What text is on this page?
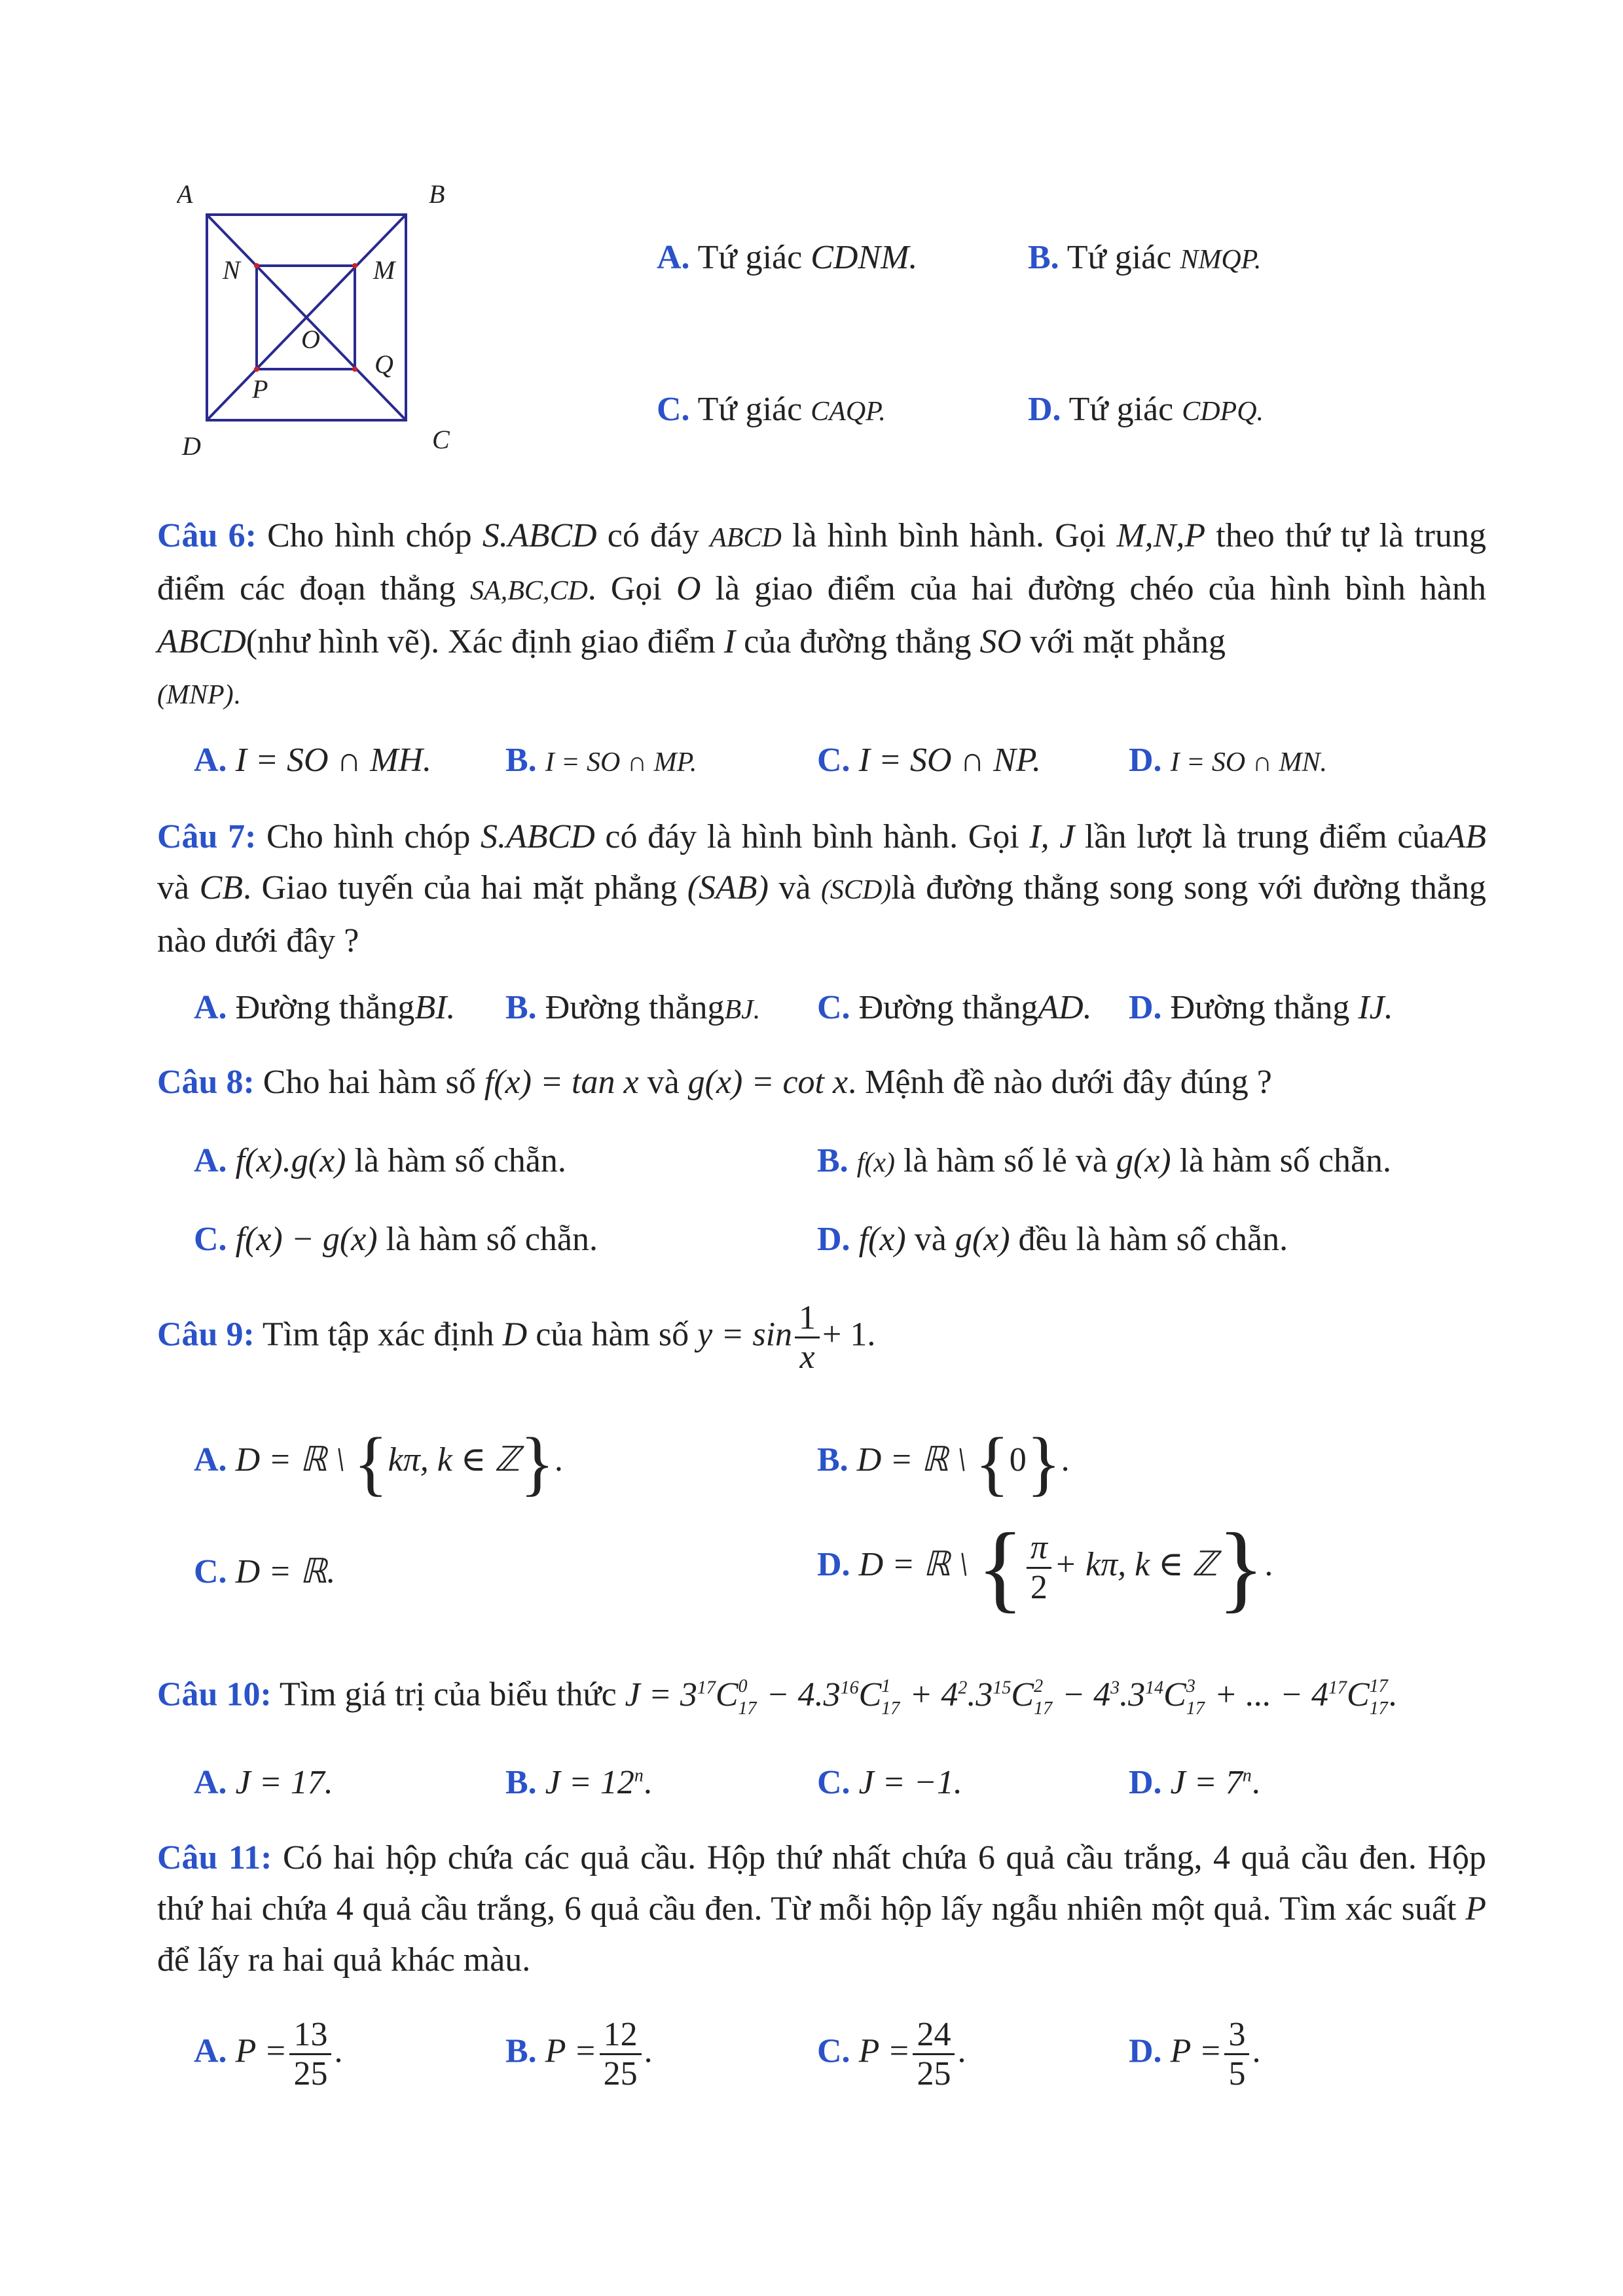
A	B
C
D
M
N
P
Q
O
A. Tứ giác CDNM.	B. Tứ giác NMQP.
C. Tứ giác CAQP.	D. Tứ giác CDPQ.
Câu 6: Cho hình chóp S.ABCD có đáy ABCD là hình bình hành. Gọi M,N,P theo thứ tự là trung điểm các đoạn thẳng SA,BC,CD. Gọi O là giao điểm của hai đường chéo của hình bình hành ABCD(như hình vẽ). Xác định giao điểm I của đường thẳng SO với mặt phẳng
(MNP).
A. I = SO ∩ MH. B. I = SO ∩ MP.	C. I = SO ∩ NP.	D. I = SO ∩ MN.
Câu 7: Cho hình chóp S.ABCD có đáy là hình bình hành. Gọi I, J lần lượt là trung điểm củaAB và CB. Giao tuyến của hai mặt phẳng (SAB) và (SCD)là đường thẳng song song với đường thẳng nào dưới đây ?
A. Đường thẳngBI. B. Đường thẳngBJ. C. Đường thẳngAD. D. Đường thẳng IJ.
Câu 8: Cho hai hàm số f(x) = tan x và g(x) = cot x. Mệnh đề nào dưới đây đúng ?
A. f(x).g(x) là hàm số chẵn.	B. f(x) là hàm số lẻ và g(x) là hàm số chẵn.
C. f(x) − g(x) là hàm số chẵn.	D. f(x) và g(x) đều là hàm số chẵn.
Câu 9: Tìm tập xác định D của hàm số $y = \sin \frac{1}{x} + 1$.
A. D = ℝ \ {kπ, k ∈ ℤ}.	B. D = ℝ \ {0}.
C. D = ℝ.	D. D = ℝ \ { $\frac{\pi}{2} + k\pi$, k ∈ ℤ}.
Câu 10: Tìm giá trị của biểu thức $J = 3^{17}C$ 0
$17 - 4.3^{16}C$ 1
$17 + 4^2.3^{15}C$ 2
$17 - 4^3.3^{14}C$ 3
17 + ... − $4^{17}C$ 17
17 .
A. J = 17.	B. $J = 12^n$.	C. J = −1.	D. $J = 7^n$.
Câu 11: Có hai hộp chứa các quả cầu. Hộp thứ nhất chứa 6 quả cầu trắng, 4 quả cầu đen. Hộp thứ hai chứa 4 quả cầu trắng, 6 quả cầu đen. Từ mỗi hộp lấy ngẫu nhiên một quả. Tìm xác suất P để lấy ra hai quả khác màu.
A. $P = \frac{13}{25}$ .	B. $P = \frac{12}{25}$ .	C. $P = \frac{24}{25}$ .	D. $P = \frac{3}{5}$ .
